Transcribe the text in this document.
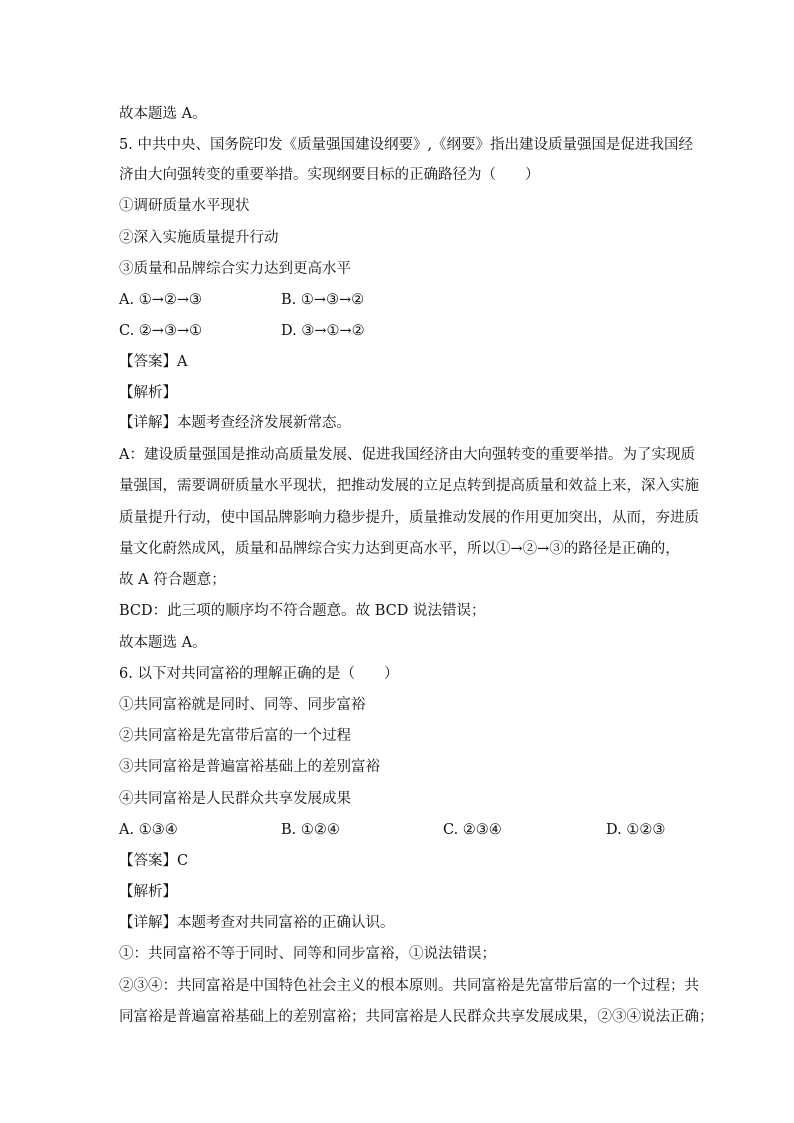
故本题选 A。
5. 中共中央、国务院印发《质量强国建设纲要》,《纲要》指出建设质量强国是促进我国经
济由大向强转变的重要举措。实现纲要目标的正确路径为（　　）
①调研质量水平现状
②深入实施质量提升行动
③质量和品牌综合实力达到更高水平
A. ①→②→③	B. ①→③→②
C. ②→③→①	D. ③→①→②
【答案】A
【解析】
【详解】本题考查经济发展新常态。
A：建设质量强国是推动高质量发展、促进我国经济由大向强转变的重要举措。为了实现质
量强国，需要调研质量水平现状，把推动发展的立足点转到提高质量和效益上来，深入实施
质量提升行动，使中国品牌影响力稳步提升，质量推动发展的作用更加突出，从而，夯进质
量文化蔚然成风，质量和品牌综合实力达到更高水平，所以①→②→③的路径是正确的，
故 A 符合题意；
BCD：此三项的顺序均不符合题意。故 BCD 说法错误；
故本题选 A。
6. 以下对共同富裕的理解正确的是（　　）
①共同富裕就是同时、同等、同步富裕
②共同富裕是先富带后富的一个过程
③共同富裕是普遍富裕基础上的差别富裕
④共同富裕是人民群众共享发展成果
A. ①③④	B. ①②④	C. ②③④	D. ①②③
【答案】C
【解析】
【详解】本题考查对共同富裕的正确认识。
①：共同富裕不等于同时、同等和同步富裕，①说法错误；
②③④：共同富裕是中国特色社会主义的根本原则。共同富裕是先富带后富的一个过程；共
同富裕是普遍富裕基础上的差别富裕；共同富裕是人民群众共享发展成果，②③④说法正确；
